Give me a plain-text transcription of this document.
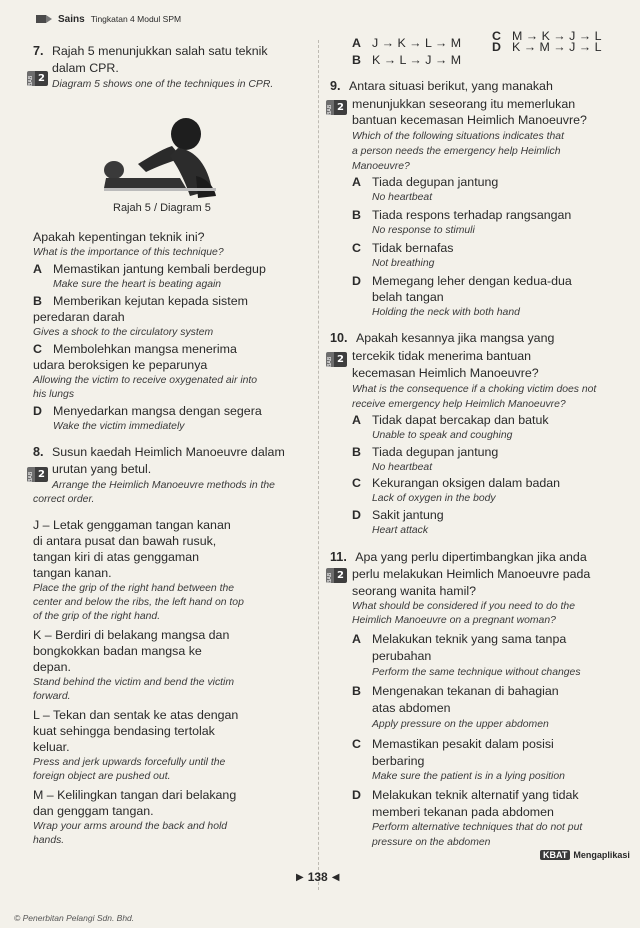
Sains Tingkatan 4 Modul SPM
7. Rajah 5 menunjukkan salah satu teknik
BAB 2
dalam CPR.
Diagram 5 shows one of the techniques in CPR.
Rajah 5 / Diagram 5
Apakah kepentingan teknik ini?
What is the importance of this technique?
A Memastikan jantung kembali berdegup
Make sure the heart is beating again
B Memberikan kejutan kepada sistem
peredaran darah
Gives a shock to the circulatory system
C Membolehkan mangsa menerima
udara beroksigen ke peparunya
Allowing the victim to receive oxygenated air into
his lungs
D Menyedarkan mangsa dengan segera
Wake the victim immediately
8. Susun kaedah Heimlich Manoeuvre dalam
BAB 2 urutan yang betul.
Arrange the Heimlich Manoeuvre methods in the
correct order.
J – Letak genggaman tangan kanan
di antara pusat dan bawah rusuk,
tangan kiri di atas genggaman
tangan kanan.
Place the grip of the right hand between the
center and below the ribs, the left hand on top
of the grip of the right hand.
K – Berdiri di belakang mangsa dan
bongkokkan badan mangsa ke
depan.
Stand behind the victim and bend the victim
forward.
L – Tekan dan sentak ke atas dengan
kuat sehingga bendasing tertolak
keluar.
Press and jerk upwards forcefully until the
foreign object are pushed out.
M – Kelilingkan tangan dari belakang
dan genggam tangan.
Wrap your arms around the back and hold
hands.
A J → K → L → M
B K → L → J → M
C M → K → J → L
D K → M → J → L
9. Antara situasi berikut, yang manakah
BAB 2 menunjukkan seseorang itu memerlukan
bantuan kecemasan Heimlich Manoeuvre?
Which of the following situations indicates that
a person needs the emergency help Heimlich
Manoeuvre?
A Tiada degupan jantung
No heartbeat
B Tiada respons terhadap rangsangan
No response to stimuli
C Tidak bernafas
Not breathing
D Memegang leher dengan kedua-dua
belah tangan
Holding the neck with both hand
10. Apakah kesannya jika mangsa yang
BAB 2 tercekik tidak menerima bantuan
kecemasan Heimlich Manoeuvre?
What is the consequence if a choking victim does not
receive emergency help Heimlich Manoeuvre?
A Tidak dapat bercakap dan batuk
Unable to speak and coughing
B Tiada degupan jantung
No heartbeat
C Kekurangan oksigen dalam badan
Lack of oxygen in the body
D Sakit jantung
Heart attack
11. Apa yang perlu dipertimbangkan jika anda
BAB 2 perlu melakukan Heimlich Manoeuvre pada
seorang wanita hamil?
What should be considered if you need to do the
Heimlich Manoeuvre on a pregnant woman?
A Melakukan teknik yang sama tanpa
perubahan
Perform the same technique without changes
B Mengenakan tekanan di bahagian
atas abdomen
Apply pressure on the upper abdomen
C Memastikan pesakit dalam posisi
berbaring
Make sure the patient is in a lying position
D Melakukan teknik alternatif yang tidak
memberi tekanan pada abdomen
Perform alternative techniques that do not put
pressure on the abdomen
KBAT Mengaplikasi
▶ 138 ◀
© Penerbitan Pelangi Sdn. Bhd.
